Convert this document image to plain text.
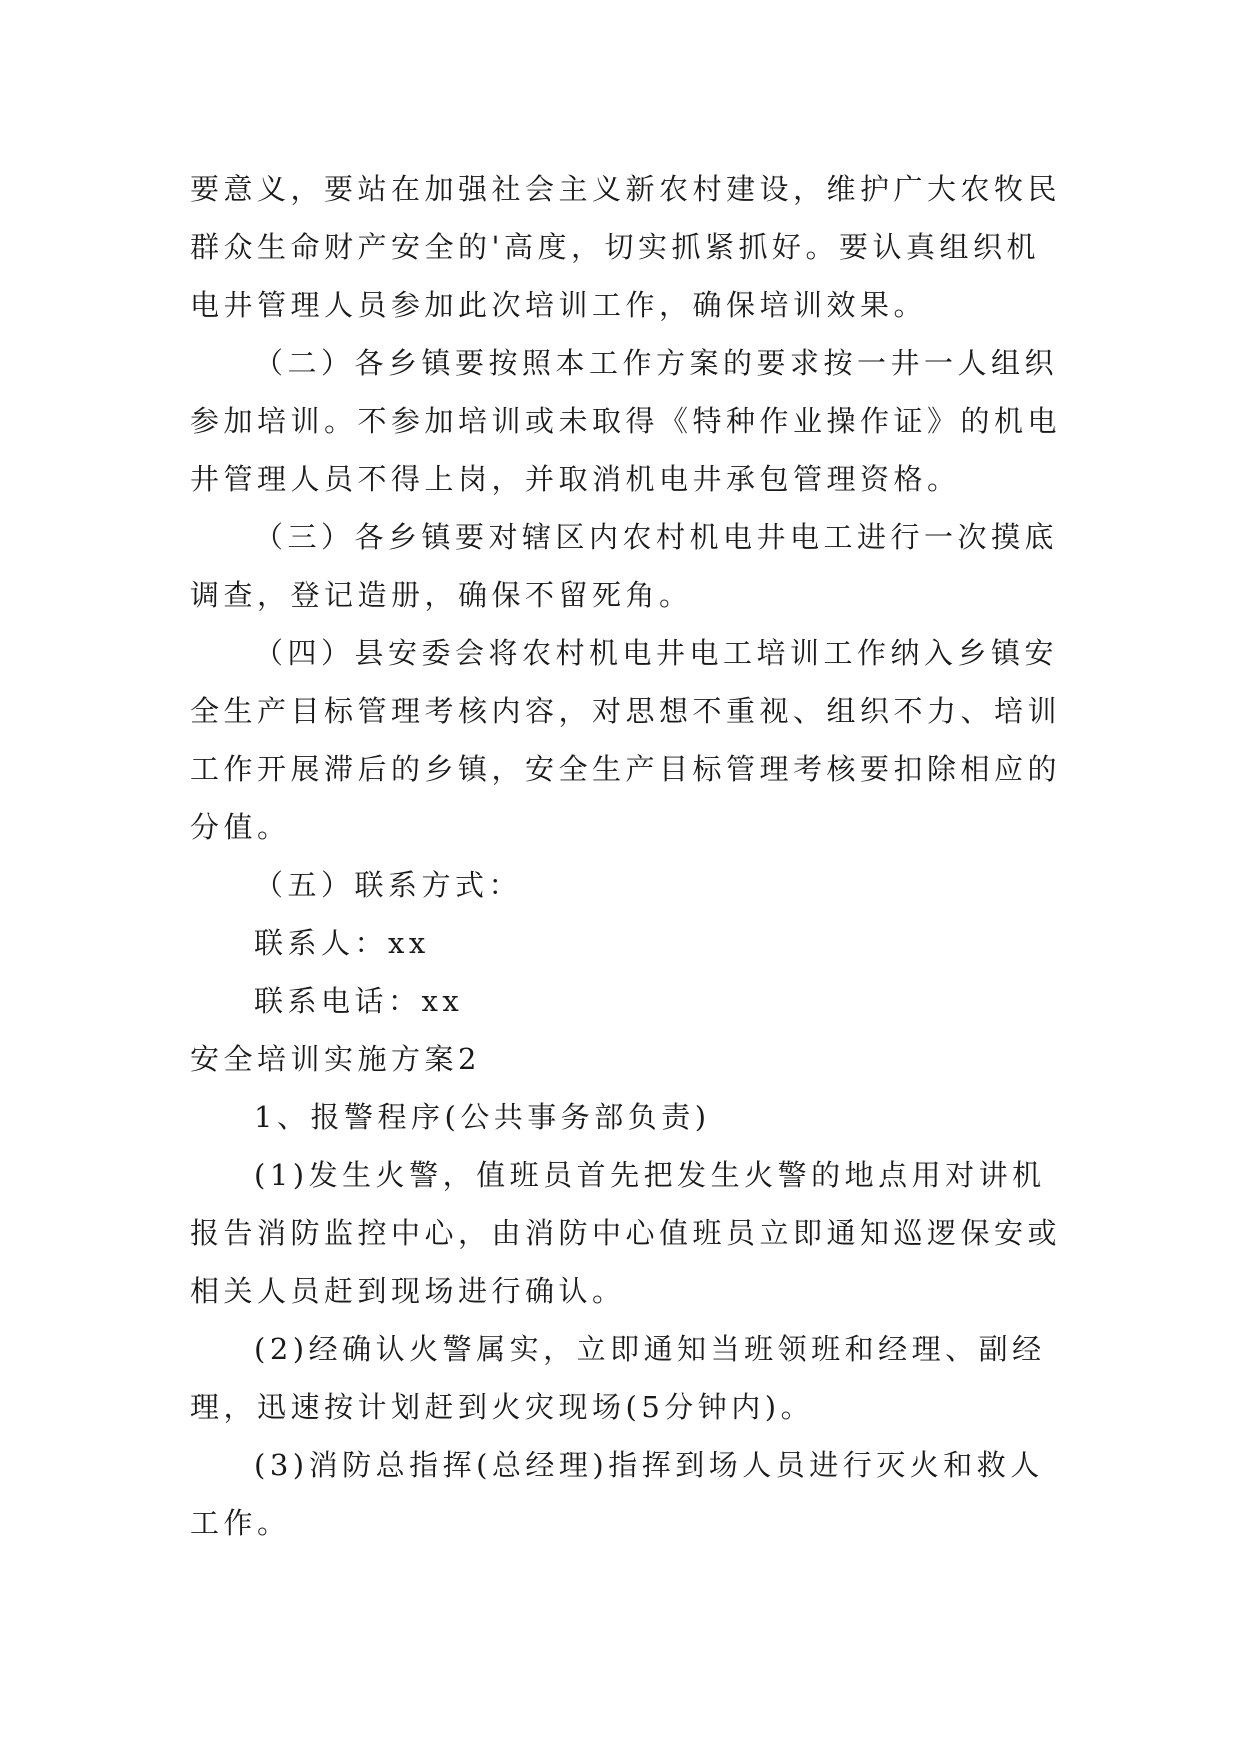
要意义，要站在加强社会主义新农村建设，维护广大农牧民
群众生命财产安全的'高度，切实抓紧抓好。要认真组织机
电井管理人员参加此次培训工作，确保培训效果。
（二）各乡镇要按照本工作方案的要求按一井一人组织
参加培训。不参加培训或未取得《特种作业操作证》的机电
井管理人员不得上岗，并取消机电井承包管理资格。
（三）各乡镇要对辖区内农村机电井电工进行一次摸底
调查，登记造册，确保不留死角。
（四）县安委会将农村机电井电工培训工作纳入乡镇安
全生产目标管理考核内容，对思想不重视、组织不力、培训
工作开展滞后的乡镇，安全生产目标管理考核要扣除相应的
分值。
（五）联系方式：
联系人：xx
联系电话：xx
安全培训实施方案2
1、报警程序(公共事务部负责)
(1)发生火警，值班员首先把发生火警的地点用对讲机
报告消防监控中心，由消防中心值班员立即通知巡逻保安或
相关人员赶到现场进行确认。
(2)经确认火警属实，立即通知当班领班和经理、副经
理，迅速按计划赶到火灾现场(5分钟内)。
(3)消防总指挥(总经理)指挥到场人员进行灭火和救人
工作。
